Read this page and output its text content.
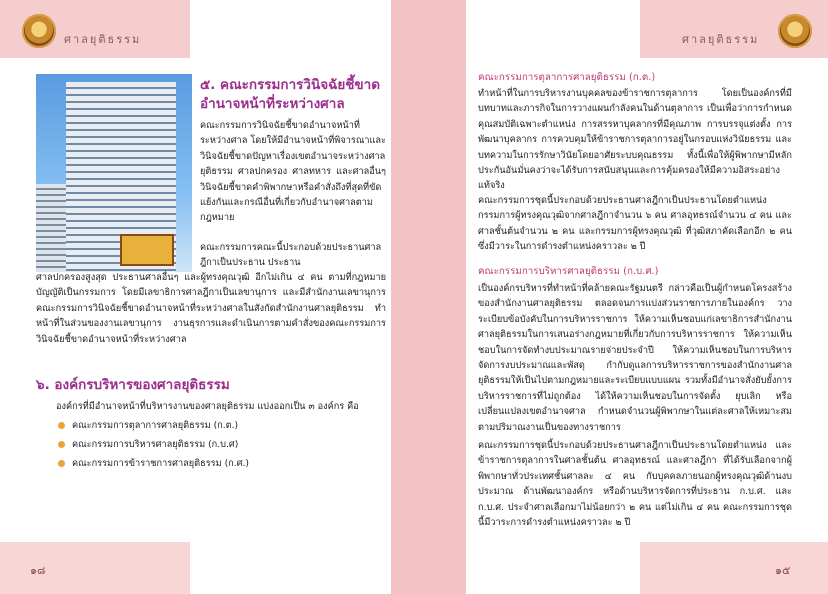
ศาลยุติธรรม
๕. คณะกรรมการวินิจฉัยชี้ขาด อำนาจหน้าที่ระหว่างศาล
คณะกรรมการวินิจฉัยชี้ขาดอำนาจหน้าที่ระหว่างศาล โดยให้มีอำนาจหน้าที่พิจารณาและวินิจฉัยชี้ขาดปัญหาเรื่องเขตอำนาจระหว่างศาลยุติธรรม ศาลปกครอง ศาลทหาร และศาลอื่นๆ วินิจฉัยชี้ขาดคำพิพากษาหรือคำสั่งถึงที่สุดที่ขัดแย้งกันและกรณีอื่นที่เกี่ยวกับอำนาจศาลตามกฎหมาย
คณะกรรมการคณะนี้ประกอบด้วยประธานศาลฎีกาเป็นประธาน ประธาน
ศาลปกครองสูงสุด ประธานศาลอื่นๆ และผู้ทรงคุณวุฒิ อีกไม่เกิน ๔ คน ตามที่กฎหมายบัญญัติเป็นกรรมการ โดยมีเลขาธิการศาลฎีกาเป็นเลขานุการ และมีสำนักงานเลขานุการคณะกรรมการวินิจฉัยชี้ขาดอำนาจหน้าที่ระหว่างศาลในสังกัดสำนักงานศาลยุติธรรม ทำหน้าที่ในส่วนของงานเลขานุการ งานธุรการและดำเนินการตามคำสั่งของคณะกรรมการวินิจฉัยชี้ขาดอำนาจหน้าที่ระหว่างศาล
๖. องค์กรบริหารของศาลยุติธรรม
องค์กรที่มีอำนาจหน้าที่บริหารงานของศาลยุติธรรม แบ่งออกเป็น ๓ องค์กร คือ
คณะกรรมการตุลาการศาลยุติธรรม (ก.ต.)
คณะกรรมการบริหารศาลยุติธรรม (ก.บ.ศ)
คณะกรรมการข้าราชการศาลยุติธรรม (ก.ศ.)
๑๘
ศาลยุติธรรม
คณะกรรมการตุลาการศาลยุติธรรม (ก.ต.)
ทำหน้าที่ในการบริหารงานบุคคลของข้าราชการตุลาการ โดยเป็นองค์กรที่มีบทบาทและภารกิจในการวางแผนกำลังคนในด้านตุลาการ เป็นเพื่อว่าการกำหนดคุณสมบัติเฉพาะตำแหน่ง การสรรหาบุคลากรที่มีคุณภาพ การบรรจุแต่งตั้ง การพัฒนาบุคลากร การควบคุมให้ข้าราชการตุลาการอยู่ในกรอบแห่งวินัยธรรม และบทความในการรักษาวินัยโดยอาศัยระบบคุณธรรม ทั้งนี้เพื่อให้ผู้พิพากษามีหลักประกันอันมั่นคงว่าจะได้รับการสนับสนุนและการคุ้มครองให้มีความอิสระอย่างแท้จริง
คณะกรรมการชุดนี้ประกอบด้วยประธานศาลฎีกาเป็นประธานโดยตำแหน่ง กรรมการผู้ทรงคุณวุฒิจากศาลฎีกาจำนวน ๖ คน ศาลอุทธรณ์จำนวน ๔ คน และศาลชั้นต้นจำนวน ๒ คน และกรรมการผู้ทรงคุณวุฒิ ที่วุฒิสภาคัดเลือกอีก ๒ คน ซึ่งมีวาระในการดำรงตำแหน่งคราวละ ๒ ปี
คณะกรรมการบริหารศาลยุติธรรม (ก.บ.ศ.)
เป็นองค์กรบริหารที่ทำหน้าที่คล้ายคณะรัฐมนตรี กล่าวคือเป็นผู้กำหนดโครงสร้างของสำนักงานศาลยุติธรรม ตลอดจนการแบ่งส่วนราชการภายในองค์กร วางระเบียบข้อบังคับในการบริหารราชการ ให้ความเห็นชอบแก่เลขาธิการสำนักงานศาลยุติธรรมในการเสนอร่างกฎหมายที่เกี่ยวกับการบริหารราชการ ให้ความเห็นชอบในการจัดทำงบประมาณรายจ่ายประจำปี ให้ความเห็นชอบในการบริหารจัดการงบประมาณและพัสดุ กำกับดูแลการบริหารราชการของสำนักงานศาลยุติธรรมให้เป็นไปตามกฎหมายและระเบียบแบบแผน รวมทั้งมีอำนาจสั่งยับยั้งการบริหารราชการที่ไม่ถูกต้อง ได้ให้ความเห็นชอบในการจัดตั้ง ยุบเลิก หรือเปลี่ยนแปลงเขตอำนาจศาล กำหนดจำนวนผู้พิพากษาในแต่ละศาลให้เหมาะสมตามปริมาณงานเป็นของทางราชการ
คณะกรรมการชุดนี้ประกอบด้วยประธานศาลฎีกาเป็นประธานโดยตำแหน่ง และข้าราชการตุลาการในศาลชั้นต้น ศาลอุทธรณ์ และศาลฎีกา ที่ได้รับเลือกจากผู้พิพากษาทั่วประเทศชั้นศาลละ ๔ คน กับบุคคลภายนอกผู้ทรงคุณวุฒิด้านงบประมาณ ด้านพัฒนาองค์กร หรือด้านบริหารจัดการที่ประธาน ก.บ.ศ. และ ก.บ.ศ. ประจำศาลเลือกมาไม่น้อยกว่า ๒ คน แต่ไม่เกิน ๔ คน คณะกรรมการชุดนี้มีวาระการดำรงตำแหน่งคราวละ ๒ ปี
๑๕
